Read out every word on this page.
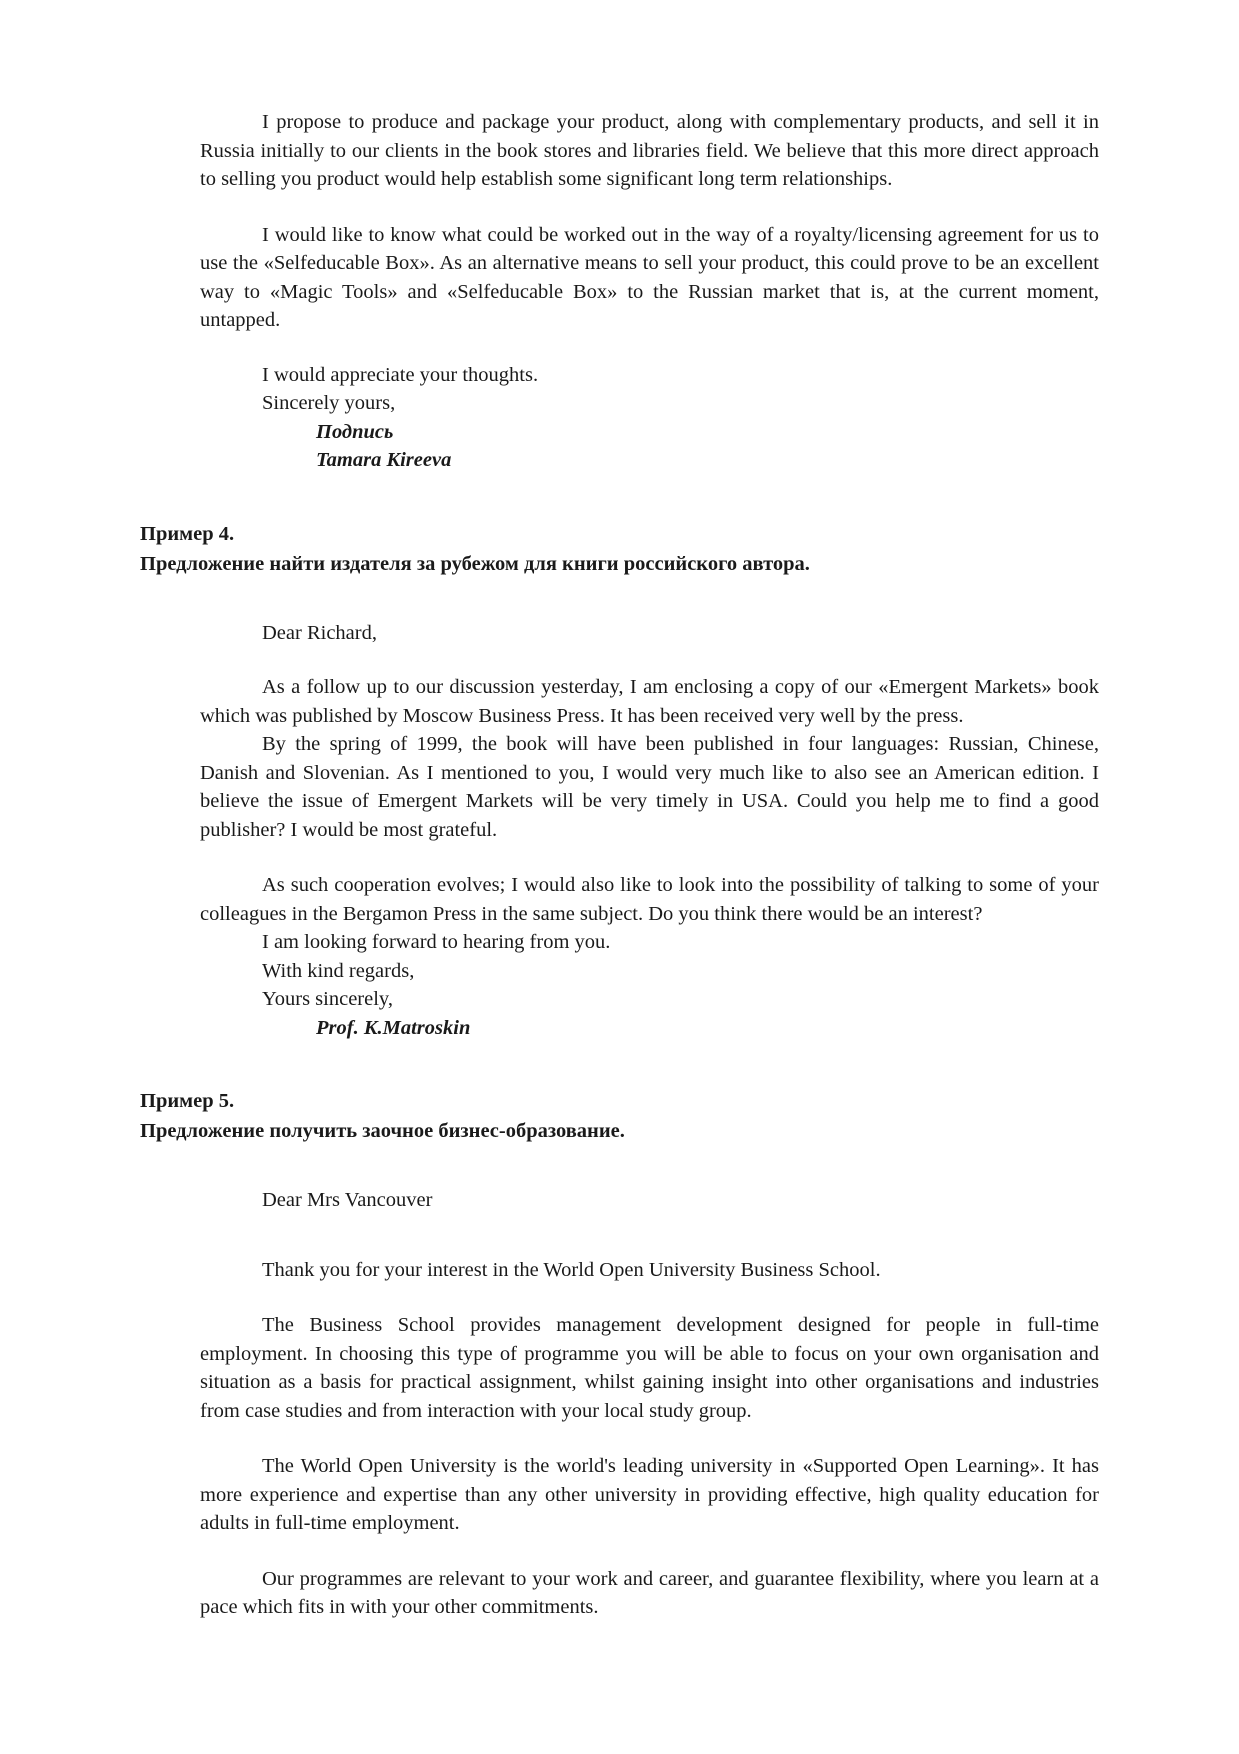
I propose to produce and package your product, along with complementary products, and sell it in Russia initially to our clients in the book stores and libraries field. We believe that this more direct approach to selling you product would help establish some significant long term relationships.

I would like to know what could be worked out in the way of a royalty/licensing agreement for us to use the «Selfeducable Box». As an alternative means to sell your product, this could prove to be an excellent way to «Magic Tools» and «Selfeducable Box» to the Russian market that is, at the current moment, untapped.

I would appreciate your thoughts.
Sincerely yours,
Подпись
Tamara Kireeva
Пример 4.
Предложение найти издателя за рубежом для книги российского автора.
Dear Richard,

As a follow up to our discussion yesterday, I am enclosing a copy of our «Emergent Markets» book which was published by Moscow Business Press. It has been received very well by the press.

By the spring of 1999, the book will have been published in four languages: Russian, Chinese, Danish and Slovenian. As I mentioned to you, I would very much like to also see an American edition. I believe the issue of Emergent Markets will be very timely in USA. Could you help me to find a good publisher? I would be most grateful.

As such cooperation evolves; I would also like to look into the possibility of talking to some of your colleagues in the Bergamon Press in the same subject. Do you think there would be an interest?

I am looking forward to hearing from you.
With kind regards,
Yours sincerely,
Prof. K.Matroskin
Пример 5.
Предложение получить заочное бизнес-образование.
Dear Mrs Vancouver

Thank you for your interest in the World Open University Business School.

The Business School provides management development designed for people in full-time employment. In choosing this type of programme you will be able to focus on your own organisation and situation as a basis for practical assignment, whilst gaining insight into other organisations and industries from case studies and from interaction with your local study group.

The World Open University is the world's leading university in «Supported Open Learning». It has more experience and expertise than any other university in providing effective, high quality education for adults in full-time employment.

Our programmes are relevant to your work and career, and guarantee flexibility, where you learn at a pace which fits in with your other commitments.
